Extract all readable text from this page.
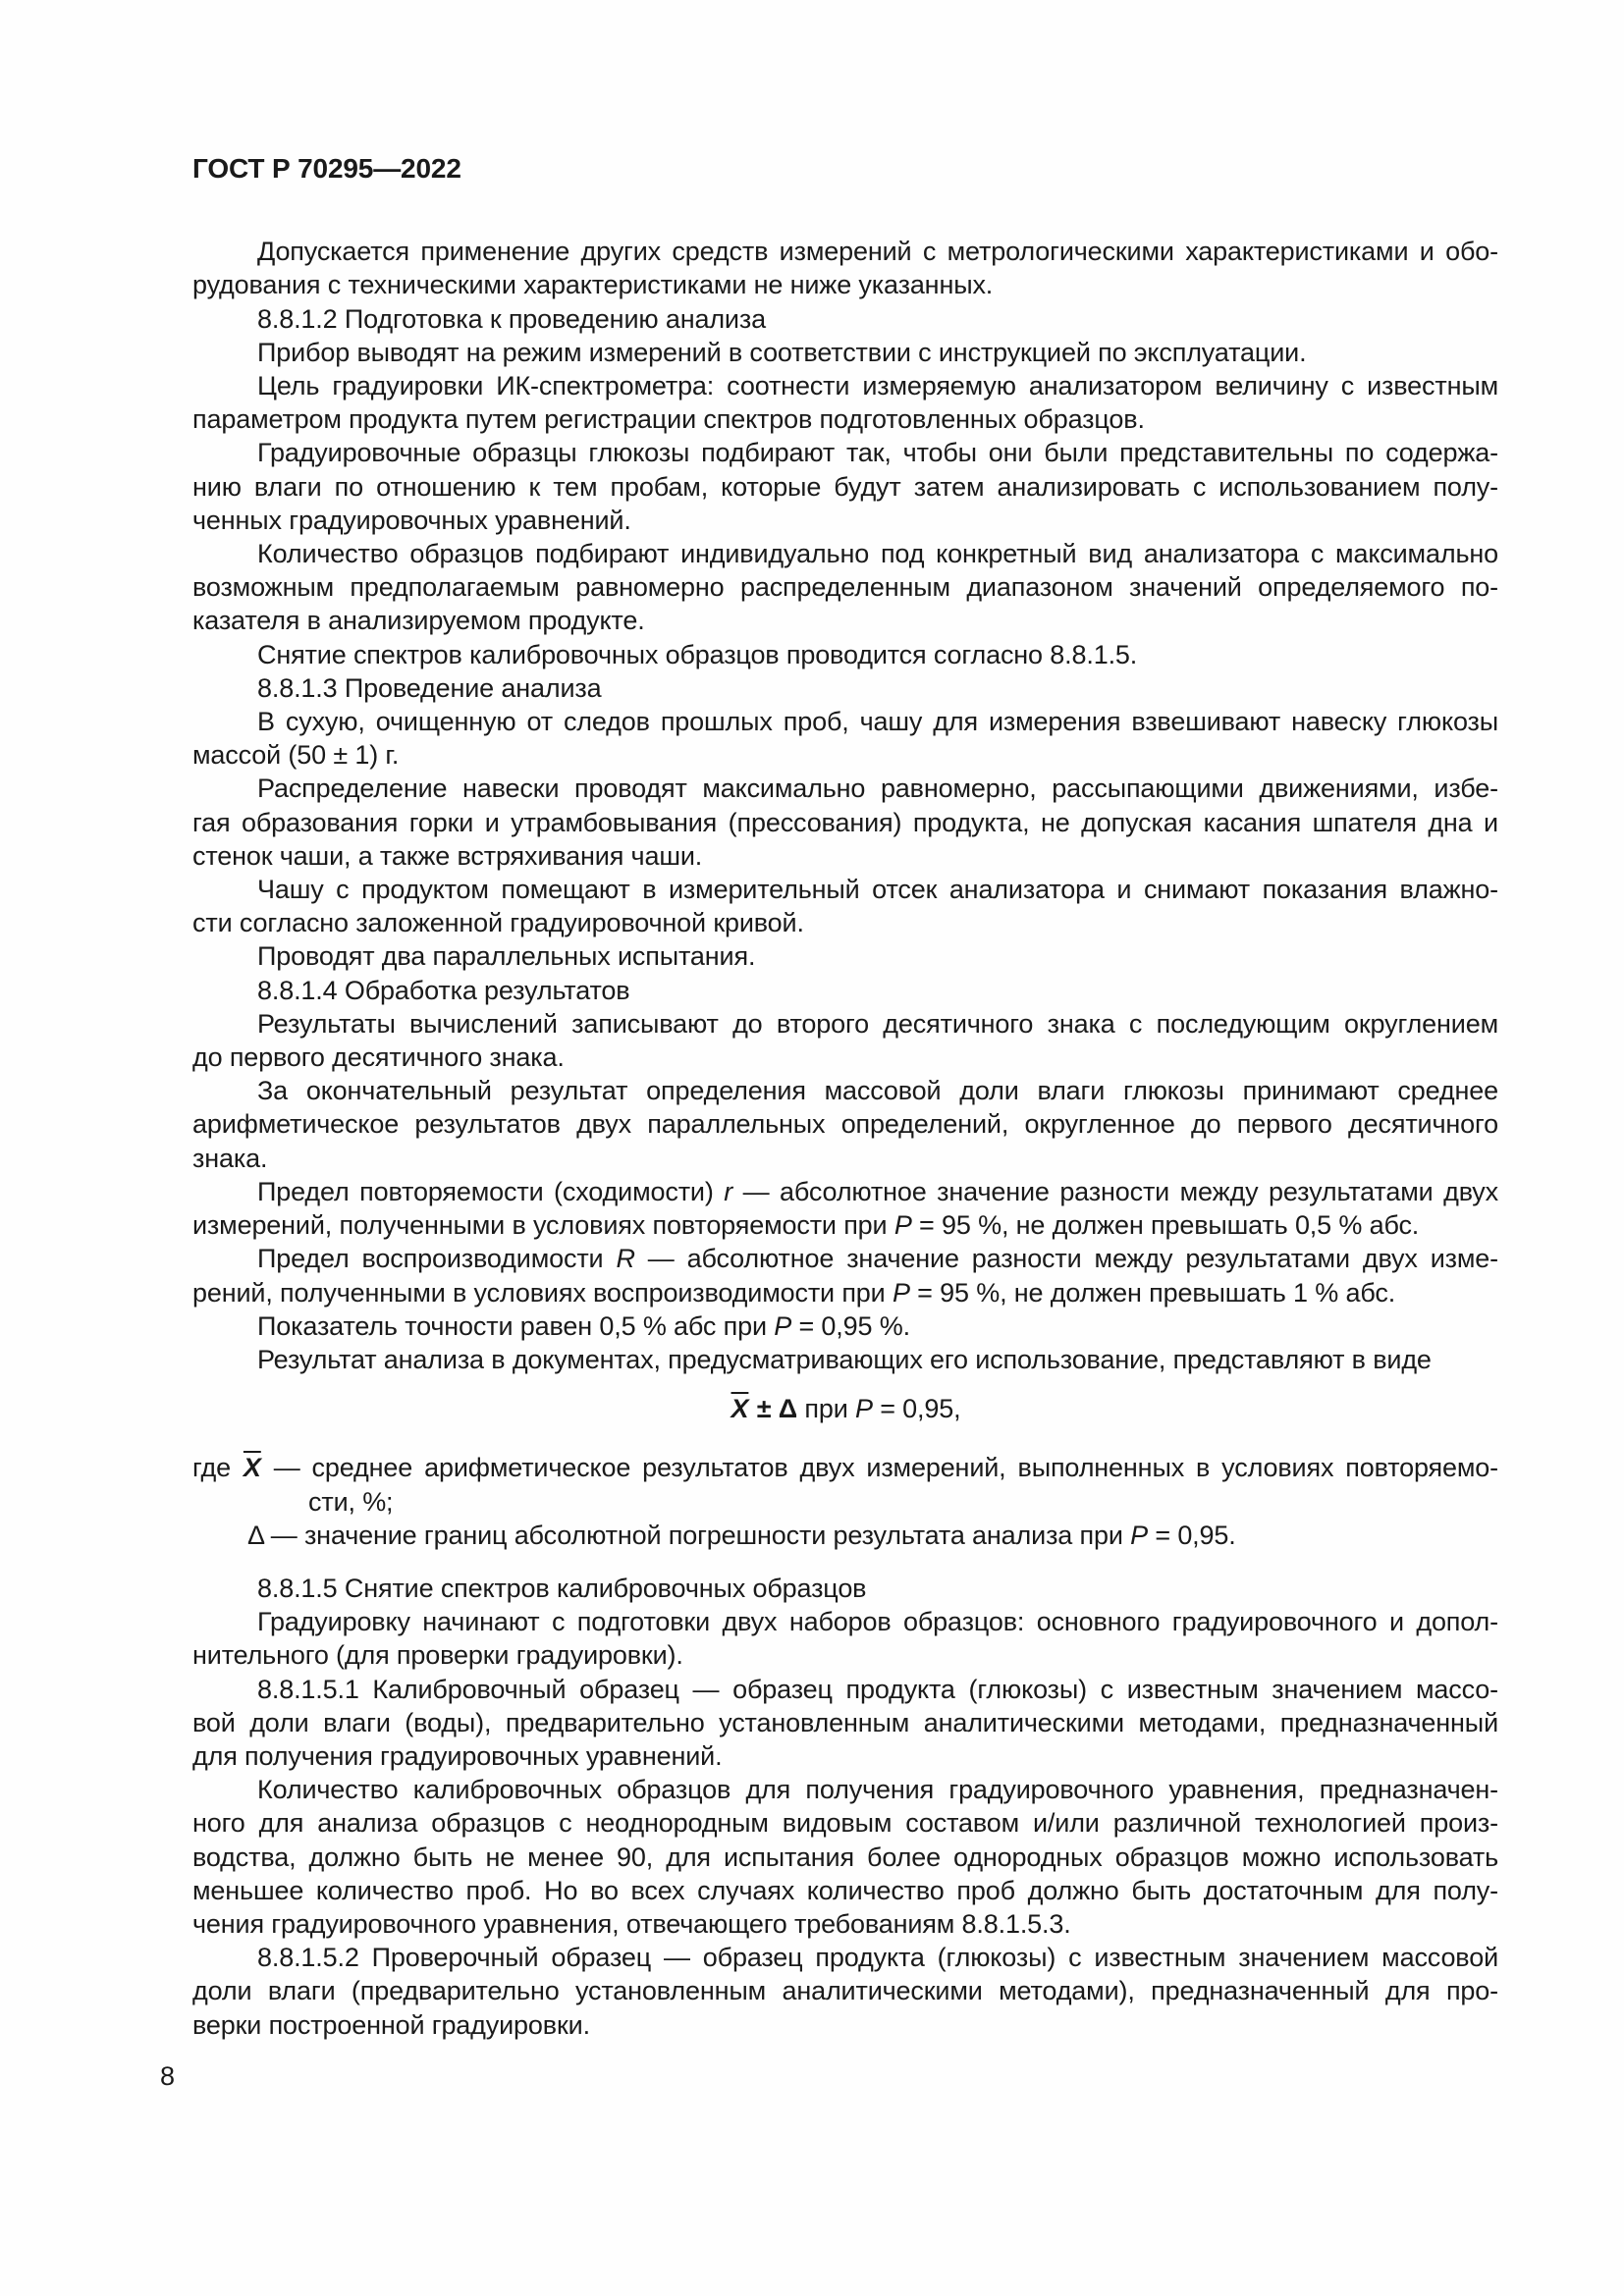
ГОСТ Р 70295—2022
Допускается применение других средств измерений с метрологическими характеристиками и обо-
рудования с техническими характеристиками не ниже указанных.
8.8.1.2 Подготовка к проведению анализа
Прибор выводят на режим измерений в соответствии с инструкцией по эксплуатации.
Цель градуировки ИК-спектрометра: соотнести измеряемую анализатором величину с известным
параметром продукта путем регистрации спектров подготовленных образцов.
Градуировочные образцы глюкозы подбирают так, чтобы они были представительны по содержа-
нию влаги по отношению к тем пробам, которые будут затем анализировать с использованием полу-
ченных градуировочных уравнений.
Количество образцов подбирают индивидуально под конкретный вид анализатора с максимально
возможным предполагаемым равномерно распределенным диапазоном значений определяемого по-
казателя в анализируемом продукте.
Снятие спектров калибровочных образцов проводится согласно 8.8.1.5.
8.8.1.3 Проведение анализа
В сухую, очищенную от следов прошлых проб, чашу для измерения взвешивают навеску глюкозы
массой (50 ± 1) г.
Распределение навески проводят максимально равномерно, рассыпающими движениями, избе-
гая образования горки и утрамбовывания (прессования) продукта, не допуская касания шпателя дна и
стенок чаши, а также встряхивания чаши.
Чашу с продуктом помещают в измерительный отсек анализатора и снимают показания влажно-
сти согласно заложенной градуировочной кривой.
Проводят два параллельных испытания.
8.8.1.4 Обработка результатов
Результаты вычислений записывают до второго десятичного знака с последующим округлением
до первого десятичного знака.
За окончательный результат определения массовой доли влаги глюкозы принимают среднее
арифметическое результатов двух параллельных определений, округленное до первого десятичного
знака.
Предел повторяемости (сходимости) r — абсолютное значение разности между результатами двух
измерений, полученными в условиях повторяемости при P = 95 %, не должен превышать 0,5 % абс.
Предел воспроизводимости R — абсолютное значение разности между результатами двух изме-
рений, полученными в условиях воспроизводимости при P = 95 %, не должен превышать 1 % абс.
Показатель точности равен 0,5 % абс при P = 0,95 %.
Результат анализа в документах, предусматривающих его использование, представляют в виде
$\overline{X} \pm \Delta$ при P = 0,95,
где $\overline{X}$ — среднее арифметическое результатов двух измерений, выполненных в условиях повторяемо-
сти, %;
Δ — значение границ абсолютной погрешности результата анализа при P = 0,95.
8.8.1.5 Снятие спектров калибровочных образцов
Градуировку начинают с подготовки двух наборов образцов: основного градуировочного и допол-
нительного (для проверки градуировки).
8.8.1.5.1 Калибровочный образец — образец продукта (глюкозы) с известным значением массо-
вой доли влаги (воды), предварительно установленным аналитическими методами, предназначенный
для получения градуировочных уравнений.
Количество калибровочных образцов для получения градуировочного уравнения, предназначен-
ного для анализа образцов с неоднородным видовым составом и/или различной технологией произ-
водства, должно быть не менее 90, для испытания более однородных образцов можно использовать
меньшее количество проб. Но во всех случаях количество проб должно быть достаточным для полу-
чения градуировочного уравнения, отвечающего требованиям 8.8.1.5.3.
8.8.1.5.2 Проверочный образец — образец продукта (глюкозы) с известным значением массовой
доли влаги (предварительно установленным аналитическими методами), предназначенный для про-
верки построенной градуировки.
8
